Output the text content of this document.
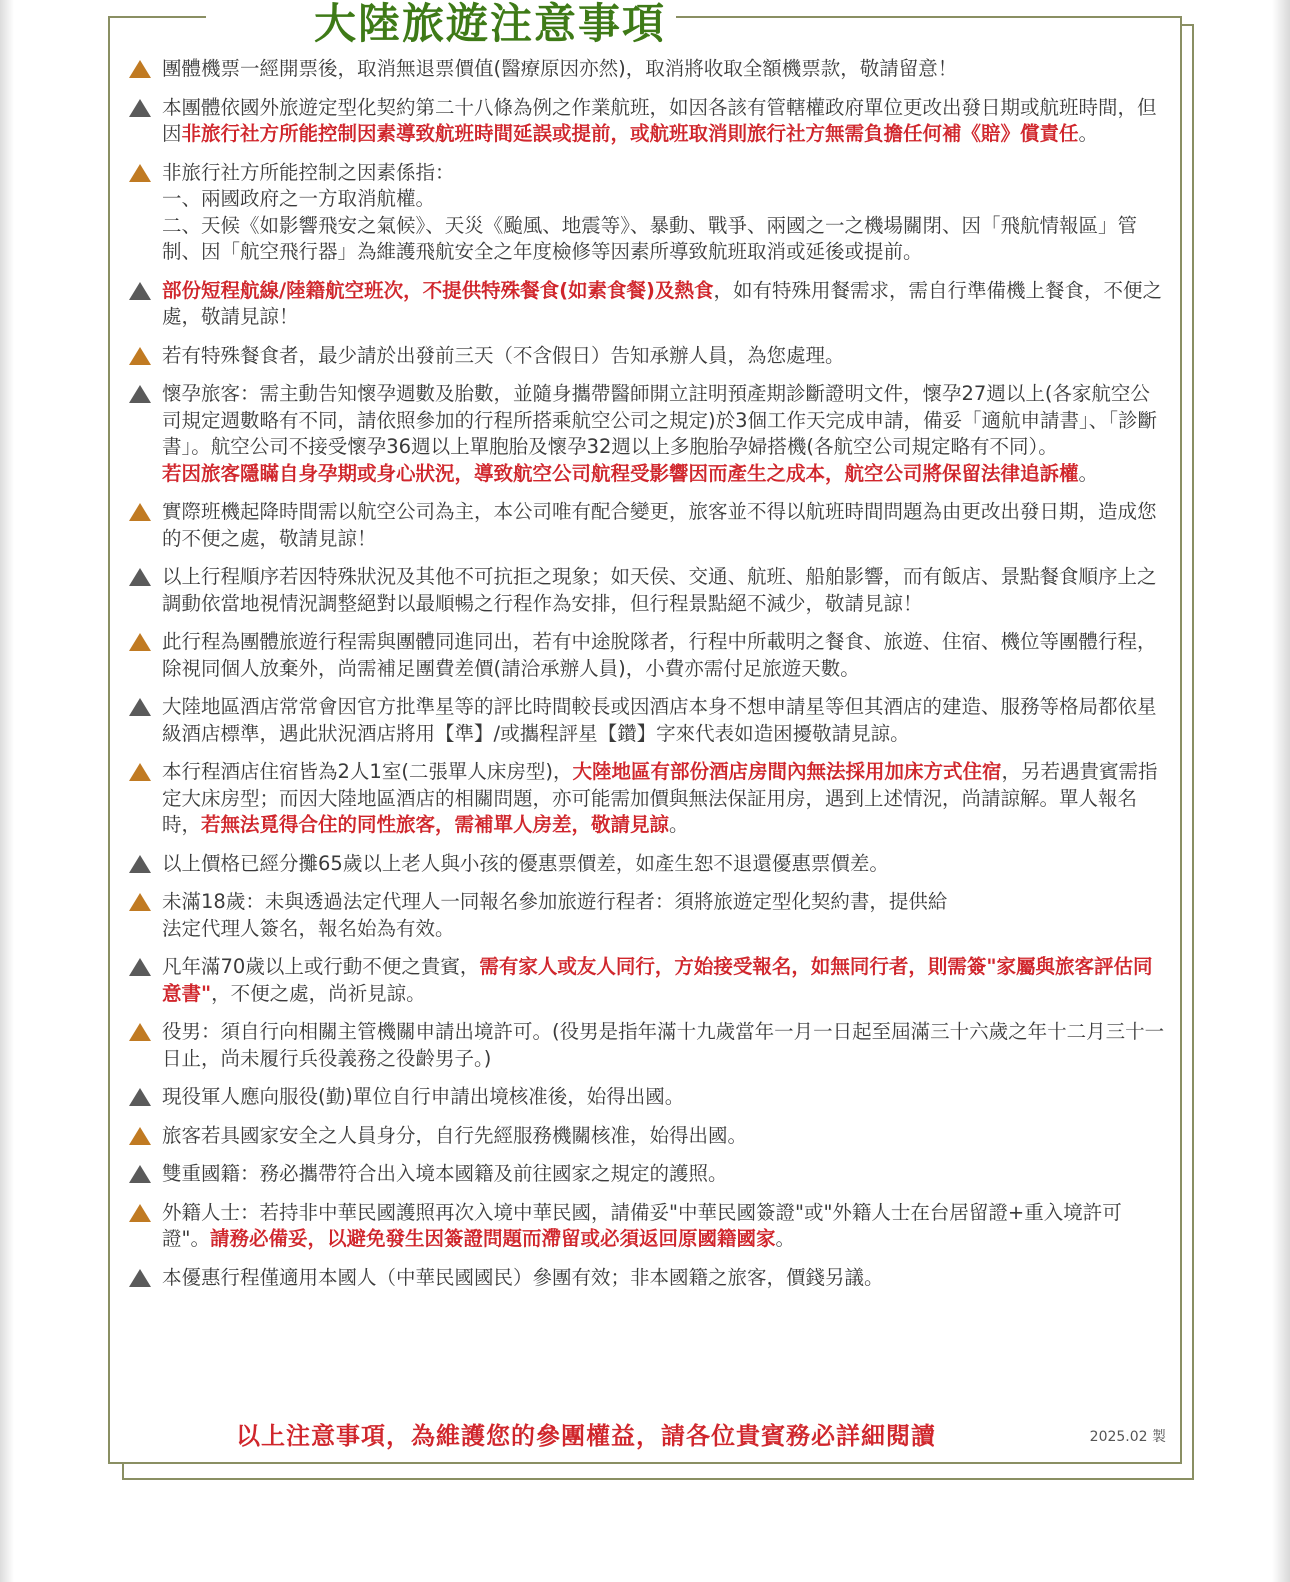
大陸旅遊注意事項
團體機票一經開票後，取消無退票價值(醫療原因亦然)，取消將收取全額機票款，敬請留意！
本團體依國外旅遊定型化契約第二十八條為例之作業航班，如因各該有管轄權政府單位更改出發日期或航班時間，但因非旅行社方所能控制因素導致航班時間延誤或提前，或航班取消則旅行社方無需負擔任何補《賠》償責任。
非旅行社方所能控制之因素係指：
一、兩國政府之一方取消航權。
二、天候《如影響飛安之氣候》、天災《颱風、地震等》、暴動、戰爭、兩國之一之機場關閉、因「飛航情報區」管制、因「航空飛行器」為維護飛航安全之年度檢修等因素所導致航班取消或延後或提前。
部份短程航線/陸籍航空班次，不提供特殊餐食(如素食餐)及熱食，如有特殊用餐需求，需自行準備機上餐食，不便之處，敬請見諒！
若有特殊餐食者，最少請於出發前三天（不含假日）告知承辦人員，為您處理。
懷孕旅客：需主動告知懷孕週數及胎數，並隨身攜帶醫師開立註明預產期診斷證明文件，懷孕27週以上(各家航空公司規定週數略有不同，請依照參加的行程所搭乘航空公司之規定)於3個工作天完成申請，備妥「適航申請書」、「診斷書」。航空公司不接受懷孕36週以上單胞胎及懷孕32週以上多胞胎孕婦搭機(各航空公司規定略有不同）。
若因旅客隱瞞自身孕期或身心狀況，導致航空公司航程受影響因而產生之成本，航空公司將保留法律追訴權。
實際班機起降時間需以航空公司為主，本公司唯有配合變更，旅客並不得以航班時間問題為由更改出發日期，造成您的不便之處，敬請見諒！
以上行程順序若因特殊狀況及其他不可抗拒之現象；如天侯、交通、航班、船舶影響，而有飯店、景點餐食順序上之調動依當地視情況調整絕對以最順暢之行程作為安排，但行程景點絕不減少，敬請見諒！
此行程為團體旅遊行程需與團體同進同出，若有中途脫隊者，行程中所載明之餐食、旅遊、住宿、機位等團體行程，除視同個人放棄外，尚需補足團費差價(請洽承辦人員)，小費亦需付足旅遊天數。
大陸地區酒店常常會因官方批準星等的評比時間較長或因酒店本身不想申請星等但其酒店的建造、服務等格局都依星級酒店標準，遇此狀況酒店將用【準】/或攜程評星【鑽】字來代表如造困擾敬請見諒。
本行程酒店住宿皆為2人1室(二張單人床房型)，大陸地區有部份酒店房間內無法採用加床方式住宿，另若遇貴賓需指定大床房型；而因大陸地區酒店的相關問題，亦可能需加價與無法保証用房，遇到上述情況，尚請諒解。單人報名時，若無法覓得合住的同性旅客，需補單人房差，敬請見諒。
以上價格已經分攤65歲以上老人與小孩的優惠票價差，如產生恕不退還優惠票價差。
未滿18歲：未與透過法定代理人一同報名參加旅遊行程者：須將旅遊定型化契約書，提供給
法定代理人簽名，報名始為有效。
凡年滿70歲以上或行動不便之貴賓，需有家人或友人同行，方始接受報名，如無同行者，則需簽"家屬與旅客評估同意書"，不便之處，尚祈見諒。
役男：須自行向相關主管機關申請出境許可。(役男是指年滿十九歲當年一月一日起至屆滿三十六歲之年十二月三十一日止，尚未履行兵役義務之役齡男子。)
現役軍人應向服役(勤)單位自行申請出境核准後，始得出國。
旅客若具國家安全之人員身分，自行先經服務機關核准，始得出國。
雙重國籍：務必攜帶符合出入境本國籍及前往國家之規定的護照。
外籍人士：若持非中華民國護照再次入境中華民國，請備妥"中華民國簽證"或"外籍人士在台居留證+重入境許可證"。請務必備妥，以避免發生因簽證問題而滯留或必須返回原國籍國家。
本優惠行程僅適用本國人（中華民國國民）參團有效；非本國籍之旅客，價錢另議。
以上注意事項，為維護您的參團權益，請各位貴賓務必詳細閱讀	2025.02 製
